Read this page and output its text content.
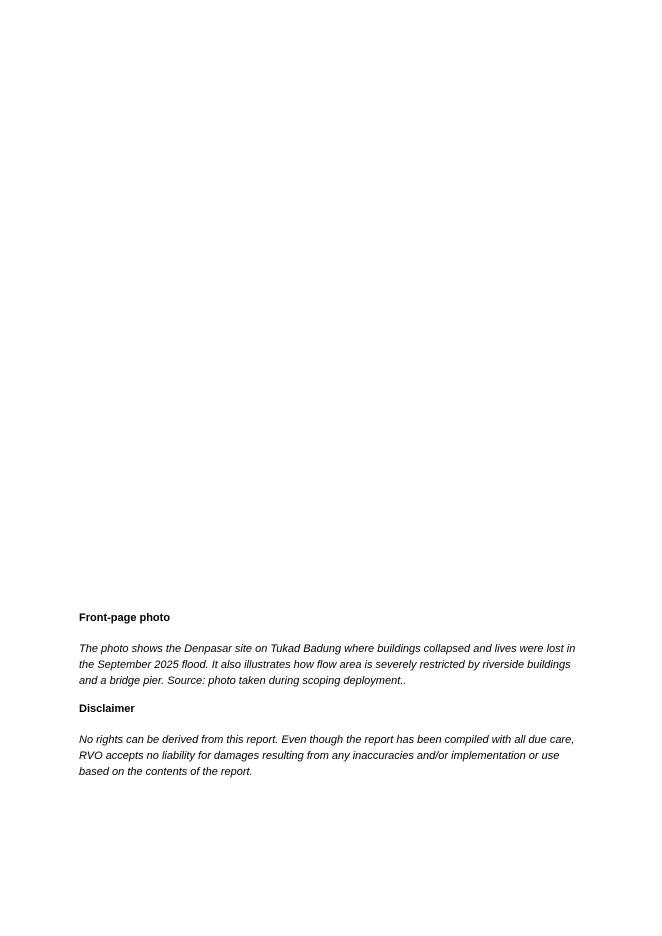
Front-page photo

The photo shows the Denpasar site on Tukad Badung where buildings collapsed and lives were lost in the September 2025 flood. It also illustrates how flow area is severely restricted by riverside buildings and a bridge pier. Source: photo taken during scoping deployment..

Disclaimer

No rights can be derived from this report. Even though the report has been compiled with all due care, RVO accepts no liability for damages resulting from any inaccuracies and/or implementation or use based on the contents of the report.
